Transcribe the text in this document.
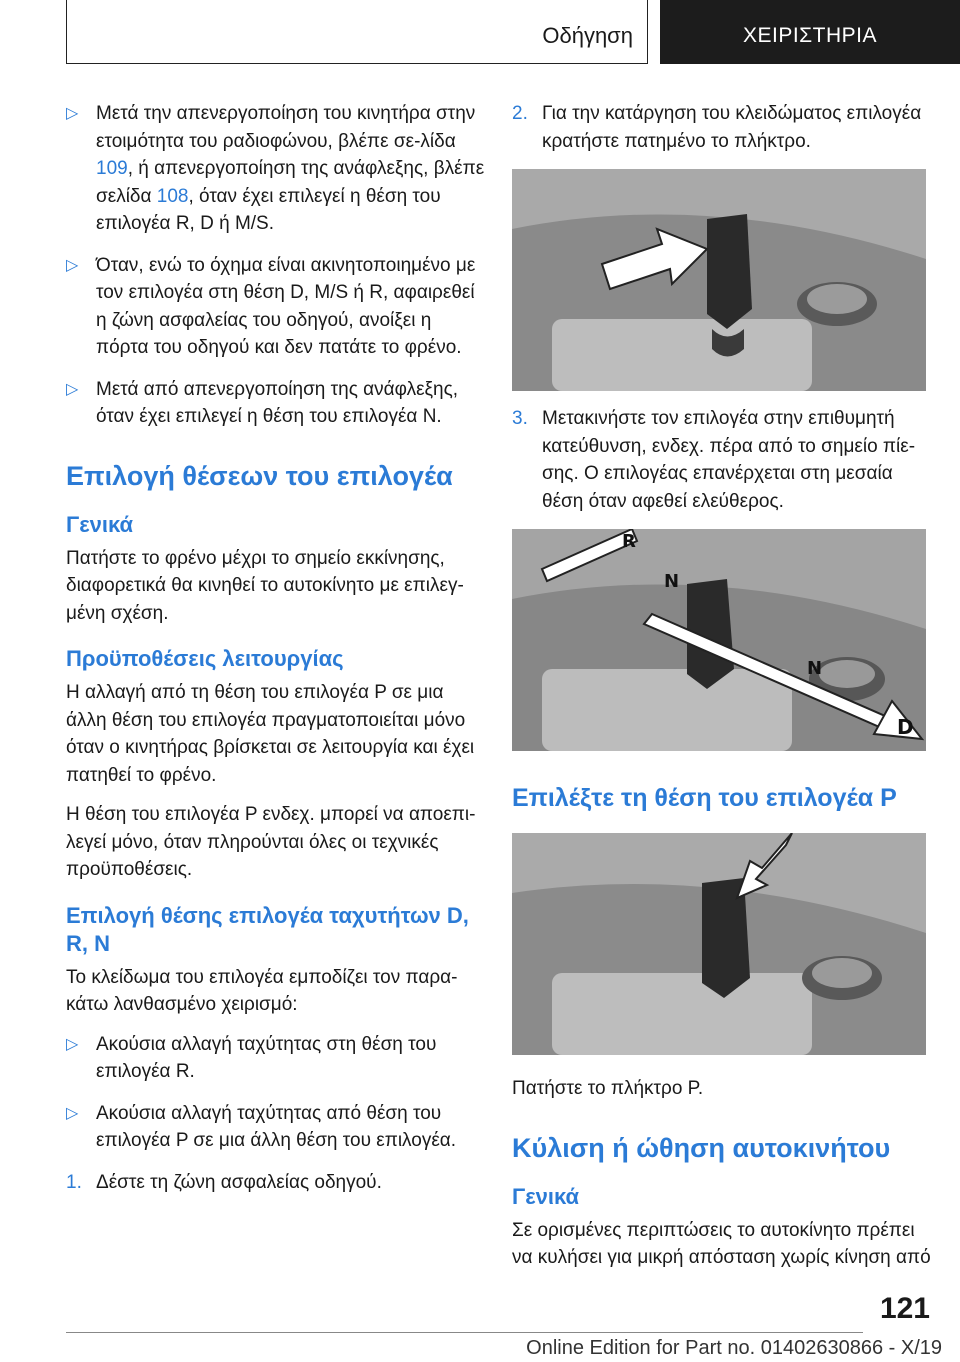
Οδήγηση	ΧΕΙΡΙΣΤΗΡΙΑ
▷ Μετά την απενεργοποίηση του κινητήρα στην ετοιμότητα του ραδιοφώνου, βλέπε σε-λίδα 109, ή απενεργοποίηση της ανάφλεξης, βλέπε σελίδα 108, όταν έχει επιλεγεί η θέση του επιλογέα R, D ή M/S.
▷ Όταν, ενώ το όχημα είναι ακινητοποιημένο με τον επιλογέα στη θέση D, M/S ή R, αφαιρεθεί η ζώνη ασφαλείας του οδηγού, ανοίξει η πόρτα του οδηγού και δεν πατάτε το φρένο.
▷ Μετά από απενεργοποίηση της ανάφλεξης, όταν έχει επιλεγεί η θέση του επιλογέα N.
Επιλογή θέσεων του επιλογέα
Γενικά

Πατήστε το φρένο μέχρι το σημείο εκκίνησης, διαφορετικά θα κινηθεί το αυτοκίνητο με επιλεγ-μένη σχέση.

Προϋποθέσεις λειτουργίας

Η αλλαγή από τη θέση του επιλογέα P σε μια άλλη θέση του επιλογέα πραγματοποιείται μόνο όταν ο κινητήρας βρίσκεται σε λειτουργία και έχει πατηθεί το φρένο.

Η θέση του επιλογέα P ενδεχ. μπορεί να αποεπι-λεγεί μόνο, όταν πληρούνται όλες οι τεχνικές προϋποθέσεις.

Επιλογή θέσης επιλογέα ταχυτήτων D, R, N

Το κλείδωμα του επιλογέα εμποδίζει τον παρα-κάτω λανθασμένο χειρισμό:

▷ Ακούσια αλλαγή ταχύτητας στη θέση του επιλογέα R.
▷ Ακούσια αλλαγή ταχύτητας από θέση του επιλογέα P σε μια άλλη θέση του επιλογέα.
1. Δέστε τη ζώνη ασφαλείας οδηγού.
2. Για την κατάργηση του κλειδώματος επιλογέα κρατήστε πατημένο το πλήκτρο.
3. Μετακινήστε τον επιλογέα στην επιθυμητή κατεύθυνση, ενδεχ. πέρα από το σημείο πίε-σης. Ο επιλογέας επανέρχεται στη μεσαία θέση όταν αφεθεί ελεύθερος.
R
N
N
D
Επιλέξτε τη θέση του επιλογέα P

Πατήστε το πλήκτρο P.

Κύλιση ή ώθηση αυτοκινήτου
Γενικά

Σε ορισμένες περιπτώσεις το αυτοκίνητο πρέπει να κυλήσει για μικρή απόσταση χωρίς κίνηση από

121
Online Edition for Part no. 01402630866 - X/19
